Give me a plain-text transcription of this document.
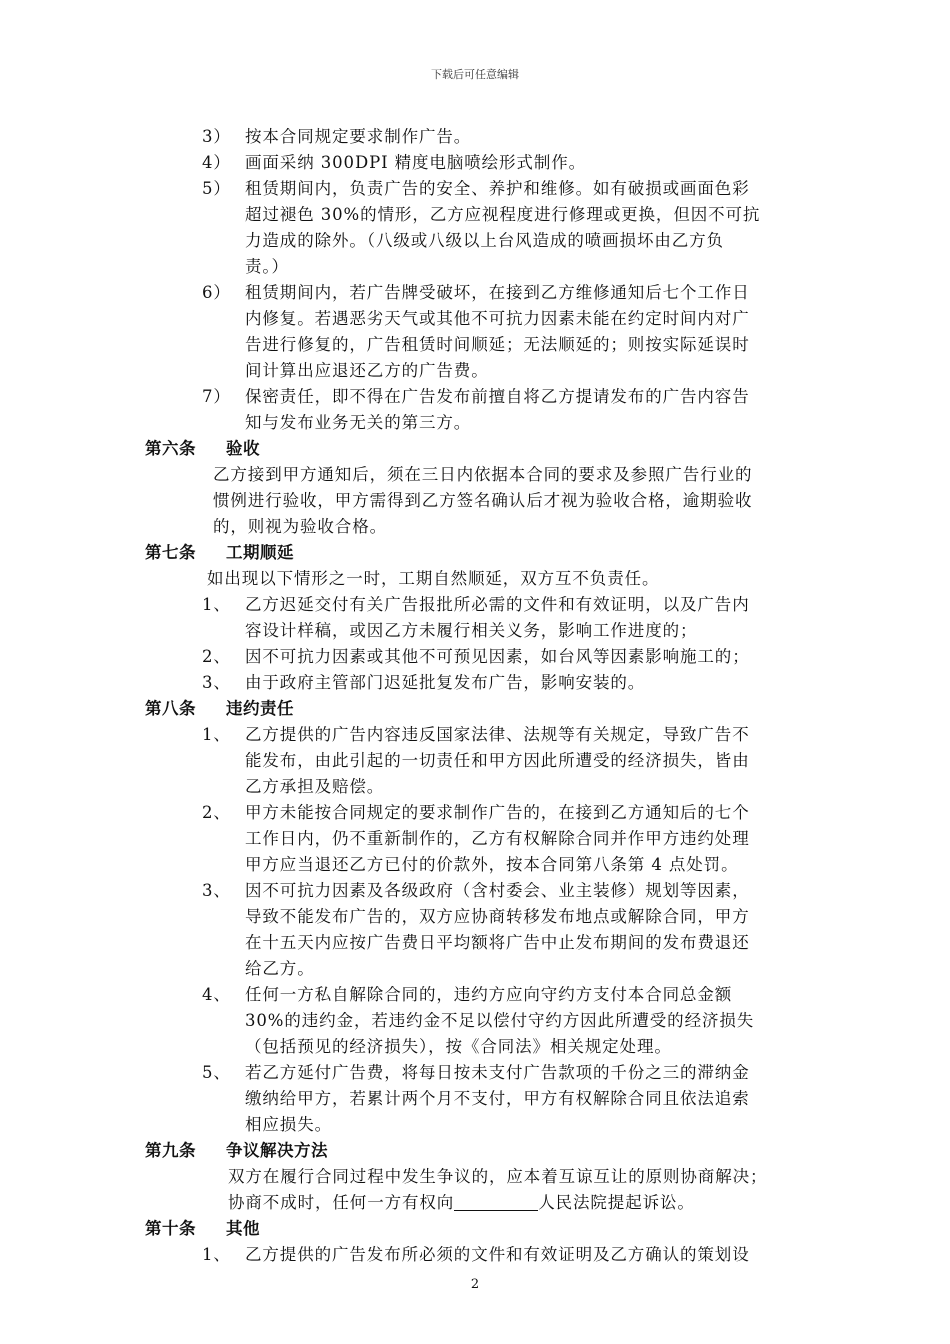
下载后可任意编辑
3） 按本合同规定要求制作广告。
4） 画面采纳 300DPI 精度电脑喷绘形式制作。
5） 租赁期间内，负责广告的安全、养护和维修。如有破损或画面色彩
超过褪色 30%的情形，乙方应视程度进行修理或更换，但因不可抗
力造成的除外。（八级或八级以上台风造成的喷画损坏由乙方负
责。）
6） 租赁期间内，若广告牌受破坏，在接到乙方维修通知后七个工作日
内修复。若遇恶劣天气或其他不可抗力因素未能在约定时间内对广
告进行修复的，广告租赁时间顺延；无法顺延的；则按实际延误时
间计算出应退还乙方的广告费。
7） 保密责任，即不得在广告发布前擅自将乙方提请发布的广告内容告
知与发布业务无关的第三方。
第六条 验收
乙方接到甲方通知后，须在三日内依据本合同的要求及参照广告行业的
惯例进行验收，甲方需得到乙方签名确认后才视为验收合格，逾期验收
的，则视为验收合格。
第七条 工期顺延
如出现以下情形之一时，工期自然顺延，双方互不负责任。
1、 乙方迟延交付有关广告报批所必需的文件和有效证明，以及广告内
容设计样稿，或因乙方未履行相关义务，影响工作进度的；
2、 因不可抗力因素或其他不可预见因素，如台风等因素影响施工的；
3、 由于政府主管部门迟延批复发布广告，影响安装的。
第八条 违约责任
1、 乙方提供的广告内容违反国家法律、法规等有关规定，导致广告不
能发布，由此引起的一切责任和甲方因此所遭受的经济损失，皆由
乙方承担及赔偿。
2、 甲方未能按合同规定的要求制作广告的，在接到乙方通知后的七个
工作日内，仍不重新制作的，乙方有权解除合同并作甲方违约处理
甲方应当退还乙方已付的价款外，按本合同第八条第 4 点处罚。
3、 因不可抗力因素及各级政府（含村委会、业主装修）规划等因素，
导致不能发布广告的，双方应协商转移发布地点或解除合同，甲方
在十五天内应按广告费日平均额将广告中止发布期间的发布费退还
给乙方。
4、 任何一方私自解除合同的，违约方应向守约方支付本合同总金额
30%的违约金，若违约金不足以偿付守约方因此所遭受的经济损失
（包括预见的经济损失），按《合同法》相关规定处理。
5、 若乙方延付广告费，将每日按未支付广告款项的千份之三的滞纳金
缴纳给甲方，若累计两个月不支付，甲方有权解除合同且依法追索
相应损失。
第九条 争议解决方法
双方在履行合同过程中发生争议的，应本着互谅互让的原则协商解决；
协商不成时，任何一方有权向	人民法院提起诉讼。
第十条 其他
1、 乙方提供的广告发布所必须的文件和有效证明及乙方确认的策划设
2
